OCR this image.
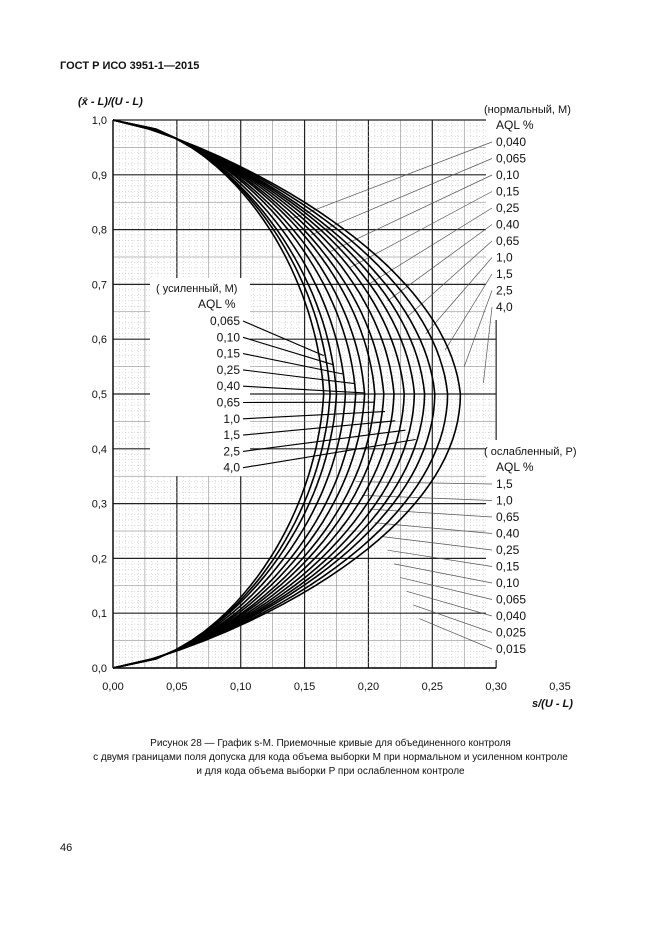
ГОСТ Р ИСО 3951-1—2015
0,00	0,05	0,10	0,15	0,20	0,25	0,30	0,35
0,0
0,1
0,2
0,3
0,4
0,5
0,6
0,7
0,8
0,9
1,0
(нормальный, M)
AQL %
0,040
0,065
0,10
0,15
0,25
0,40
0,65
1,0
1,5
2,5
4,0
( усиленный, M)
AQL %
0,065
0,10
0,15
0,25
0,40
0,65
1,0
1,5
2,5
4,0
( ослабленный, P)
AQL %
1,5
1,0
0,65
0,40
0,25
0,15
0,10
0,065
0,040
0,025
0,015
(x̄ - L)/(U - L)
s/(U - L)
Рисунок 28 — График s-M. Приемочные кривые для объединенного контроля
с двумя границами поля допуска для кода объема выборки M при нормальном и усиленном контроле
и для кода объема выборки P при ослабленном контроле
46
